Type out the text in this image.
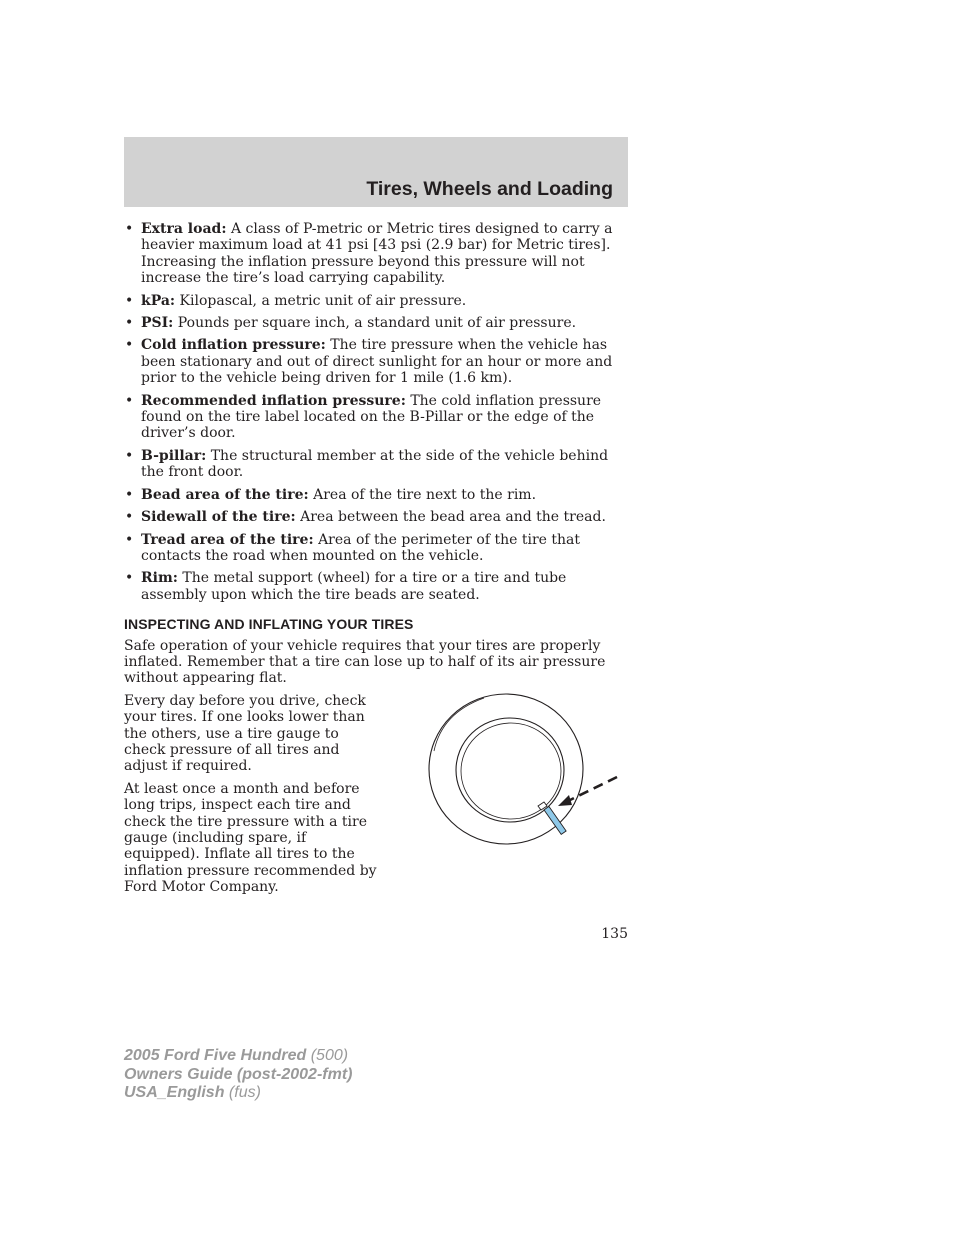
Tires, Wheels and Loading
• Extra load: A class of P-metric or Metric tires designed to carry a heavier maximum load at 41 psi [43 psi (2.9 bar) for Metric tires]. Increasing the inflation pressure beyond this pressure will not increase the tire’s load carrying capability.
• kPa: Kilopascal, a metric unit of air pressure.
• PSI: Pounds per square inch, a standard unit of air pressure.
• Cold inflation pressure: The tire pressure when the vehicle has been stationary and out of direct sunlight for an hour or more and prior to the vehicle being driven for 1 mile (1.6 km).
• Recommended inflation pressure: The cold inflation pressure found on the tire label located on the B-Pillar or the edge of the driver’s door.
• B-pillar: The structural member at the side of the vehicle behind the front door.
• Bead area of the tire: Area of the tire next to the rim.
• Sidewall of the tire: Area between the bead area and the tread.
• Tread area of the tire: Area of the perimeter of the tire that contacts the road when mounted on the vehicle.
• Rim: The metal support (wheel) for a tire or a tire and tube assembly upon which the tire beads are seated.
INSPECTING AND INFLATING YOUR TIRES

Safe operation of your vehicle requires that your tires are properly inflated. Remember that a tire can lose up to half of its air pressure without appearing flat.

Every day before you drive, check your tires. If one looks lower than the others, use a tire gauge to check pressure of all tires and adjust if required.

At least once a month and before long trips, inspect each tire and check the tire pressure with a tire gauge (including spare, if equipped). Inflate all tires to the inflation pressure recommended by Ford Motor Company.

135
2005 Ford Five Hundred (500)
Owners Guide (post-2002-fmt)
USA_English (fus)
